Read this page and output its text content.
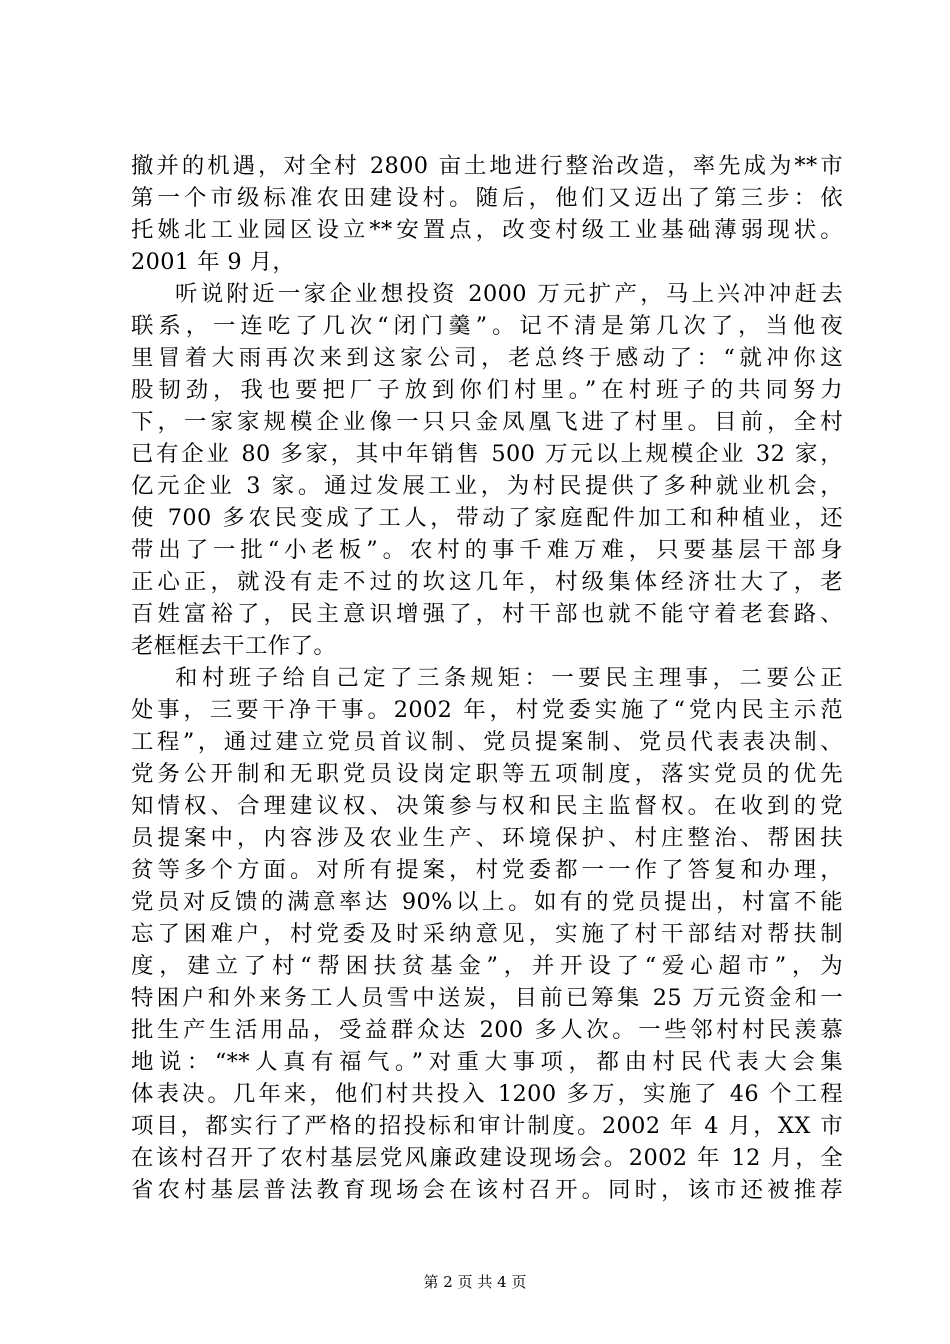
撤并的机遇，对全村 2800 亩土地进行整治改造，率先成为**市
第一个市级标准农田建设村。随后，他们又迈出了第三步：依
托姚北工业园区设立**安置点，改变村级工业基础薄弱现状。
2001 年 9 月，
听说附近一家企业想投资 2000 万元扩产，马上兴冲冲赶去
联系，一连吃了几次“闭门羹”。记不清是第几次了，当他夜
里冒着大雨再次来到这家公司，老总终于感动了：“就冲你这
股韧劲，我也要把厂子放到你们村里。”在村班子的共同努力
下，一家家规模企业像一只只金凤凰飞进了村里。目前，全村
已有企业 80 多家，其中年销售 500 万元以上规模企业 32 家，
亿元企业 3 家。通过发展工业，为村民提供了多种就业机会，
使 700 多农民变成了工人，带动了家庭配件加工和种植业，还
带出了一批“小老板”。农村的事千难万难，只要基层干部身
正心正，就没有走不过的坎这几年，村级集体经济壮大了，老
百姓富裕了，民主意识增强了，村干部也就不能守着老套路、
老框框去干工作了。
和村班子给自己定了三条规矩：一要民主理事，二要公正
处事，三要干净干事。2002 年，村党委实施了“党内民主示范
工程”，通过建立党员首议制、党员提案制、党员代表表决制、
党务公开制和无职党员设岗定职等五项制度，落实党员的优先
知情权、合理建议权、决策参与权和民主监督权。在收到的党
员提案中，内容涉及农业生产、环境保护、村庄整治、帮困扶
贫等多个方面。对所有提案，村党委都一一作了答复和办理，
党员对反馈的满意率达 90%以上。如有的党员提出，村富不能
忘了困难户，村党委及时采纳意见，实施了村干部结对帮扶制
度，建立了村“帮困扶贫基金”，并开设了“爱心超市”，为
特困户和外来务工人员雪中送炭，目前已筹集 25 万元资金和一
批生产生活用品，受益群众达 200 多人次。一些邻村村民羡慕
地说：“**人真有福气。”对重大事项，都由村民代表大会集
体表决。几年来，他们村共投入 1200 多万，实施了 46 个工程
项目，都实行了严格的招投标和审计制度。2002 年 4 月，XX 市
在该村召开了农村基层党风廉政建设现场会。2002 年 12 月，全
省农村基层普法教育现场会在该村召开。同时，该市还被推荐
第 2 页 共 4 页
